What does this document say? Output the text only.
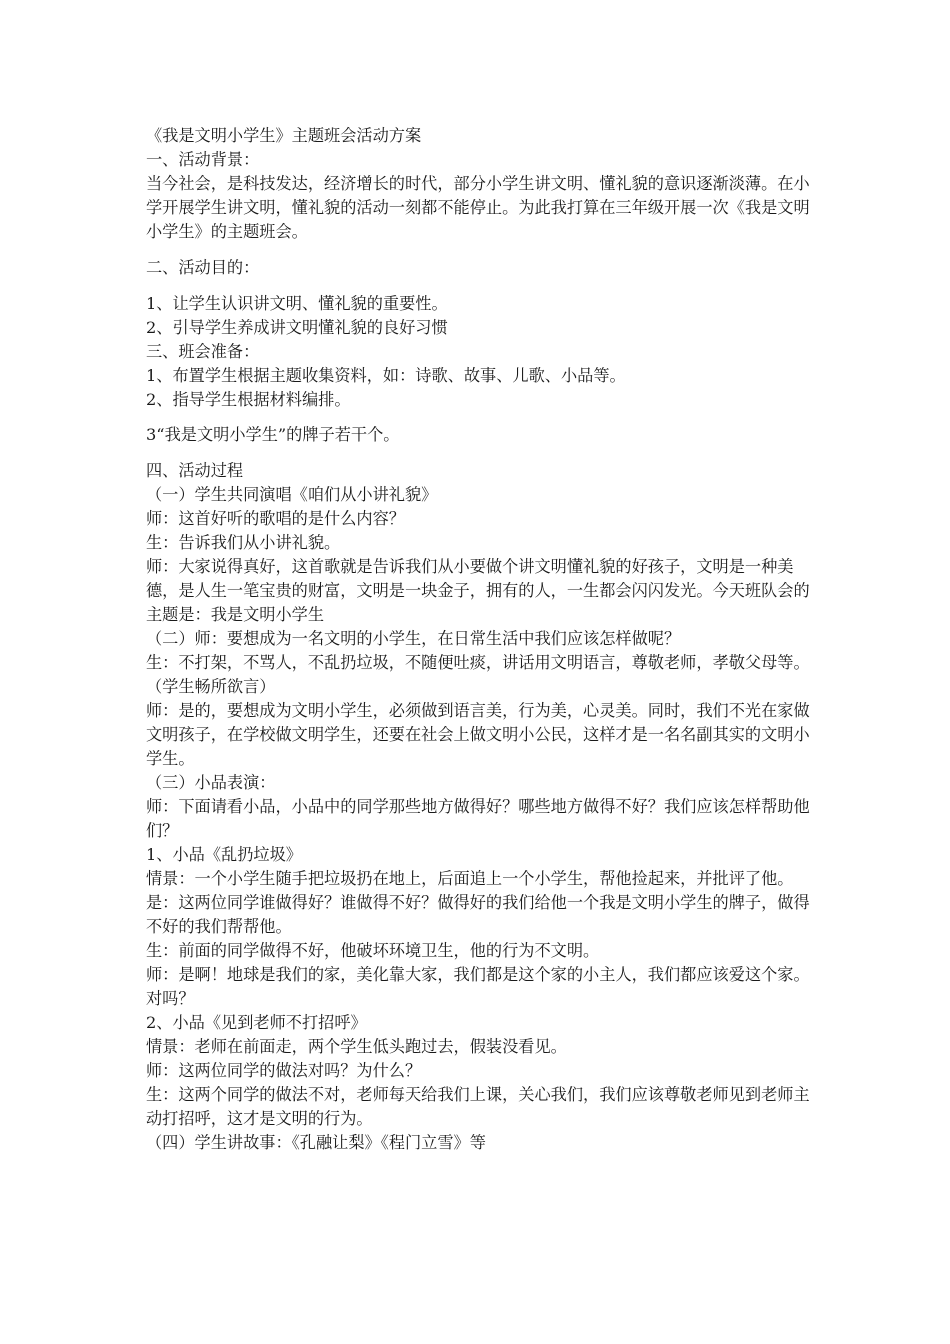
《我是文明小学生》主题班会活动方案

一、活动背景：

当今社会，是科技发达，经济增长的时代，部分小学生讲文明、懂礼貌的意识逐渐淡薄。在小学开展学生讲文明，懂礼貌的活动一刻都不能停止。为此我打算在三年级开展一次《我是文明小学生》的主题班会。

二、活动目的：

1、让学生认识讲文明、懂礼貌的重要性。

2、引导学生养成讲文明懂礼貌的良好习惯

三、班会准备：

1、布置学生根据主题收集资料，如：诗歌、故事、儿歌、小品等。

2、指导学生根据材料编排。

3“我是文明小学生”的牌子若干个。

四、活动过程

（一）学生共同演唱《咱们从小讲礼貌》

师：这首好听的歌唱的是什么内容？

生：告诉我们从小讲礼貌。

师：大家说得真好，这首歌就是告诉我们从小要做个讲文明懂礼貌的好孩子，文明是一种美德，是人生一笔宝贵的财富，文明是一块金子，拥有的人，一生都会闪闪发光。今天班队会的主题是：我是文明小学生

（二）师：要想成为一名文明的小学生，在日常生活中我们应该怎样做呢？

生：不打架，不骂人，不乱扔垃圾，不随便吐痰，讲话用文明语言，尊敬老师，孝敬父母等。（学生畅所欲言）

师：是的，要想成为文明小学生，必须做到语言美，行为美，心灵美。同时，我们不光在家做文明孩子，在学校做文明学生，还要在社会上做文明小公民，这样才是一名名副其实的文明小学生。

（三）小品表演：

师：下面请看小品，小品中的同学那些地方做得好？哪些地方做得不好？我们应该怎样帮助他们？

1、小品《乱扔垃圾》

情景：一个小学生随手把垃圾扔在地上，后面追上一个小学生，帮他捡起来，并批评了他。

是：这两位同学谁做得好？谁做得不好？做得好的我们给他一个我是文明小学生的牌子，做得不好的我们帮帮他。

生：前面的同学做得不好，他破坏环境卫生，他的行为不文明。

师：是啊！地球是我们的家，美化靠大家，我们都是这个家的小主人，我们都应该爱这个家。对吗？

2、小品《见到老师不打招呼》

情景：老师在前面走，两个学生低头跑过去，假装没看见。

师：这两位同学的做法对吗？为什么？

生：这两个同学的做法不对，老师每天给我们上课，关心我们，我们应该尊敬老师见到老师主动打招呼，这才是文明的行为。

（四）学生讲故事：《孔融让梨》《程门立雪》等
